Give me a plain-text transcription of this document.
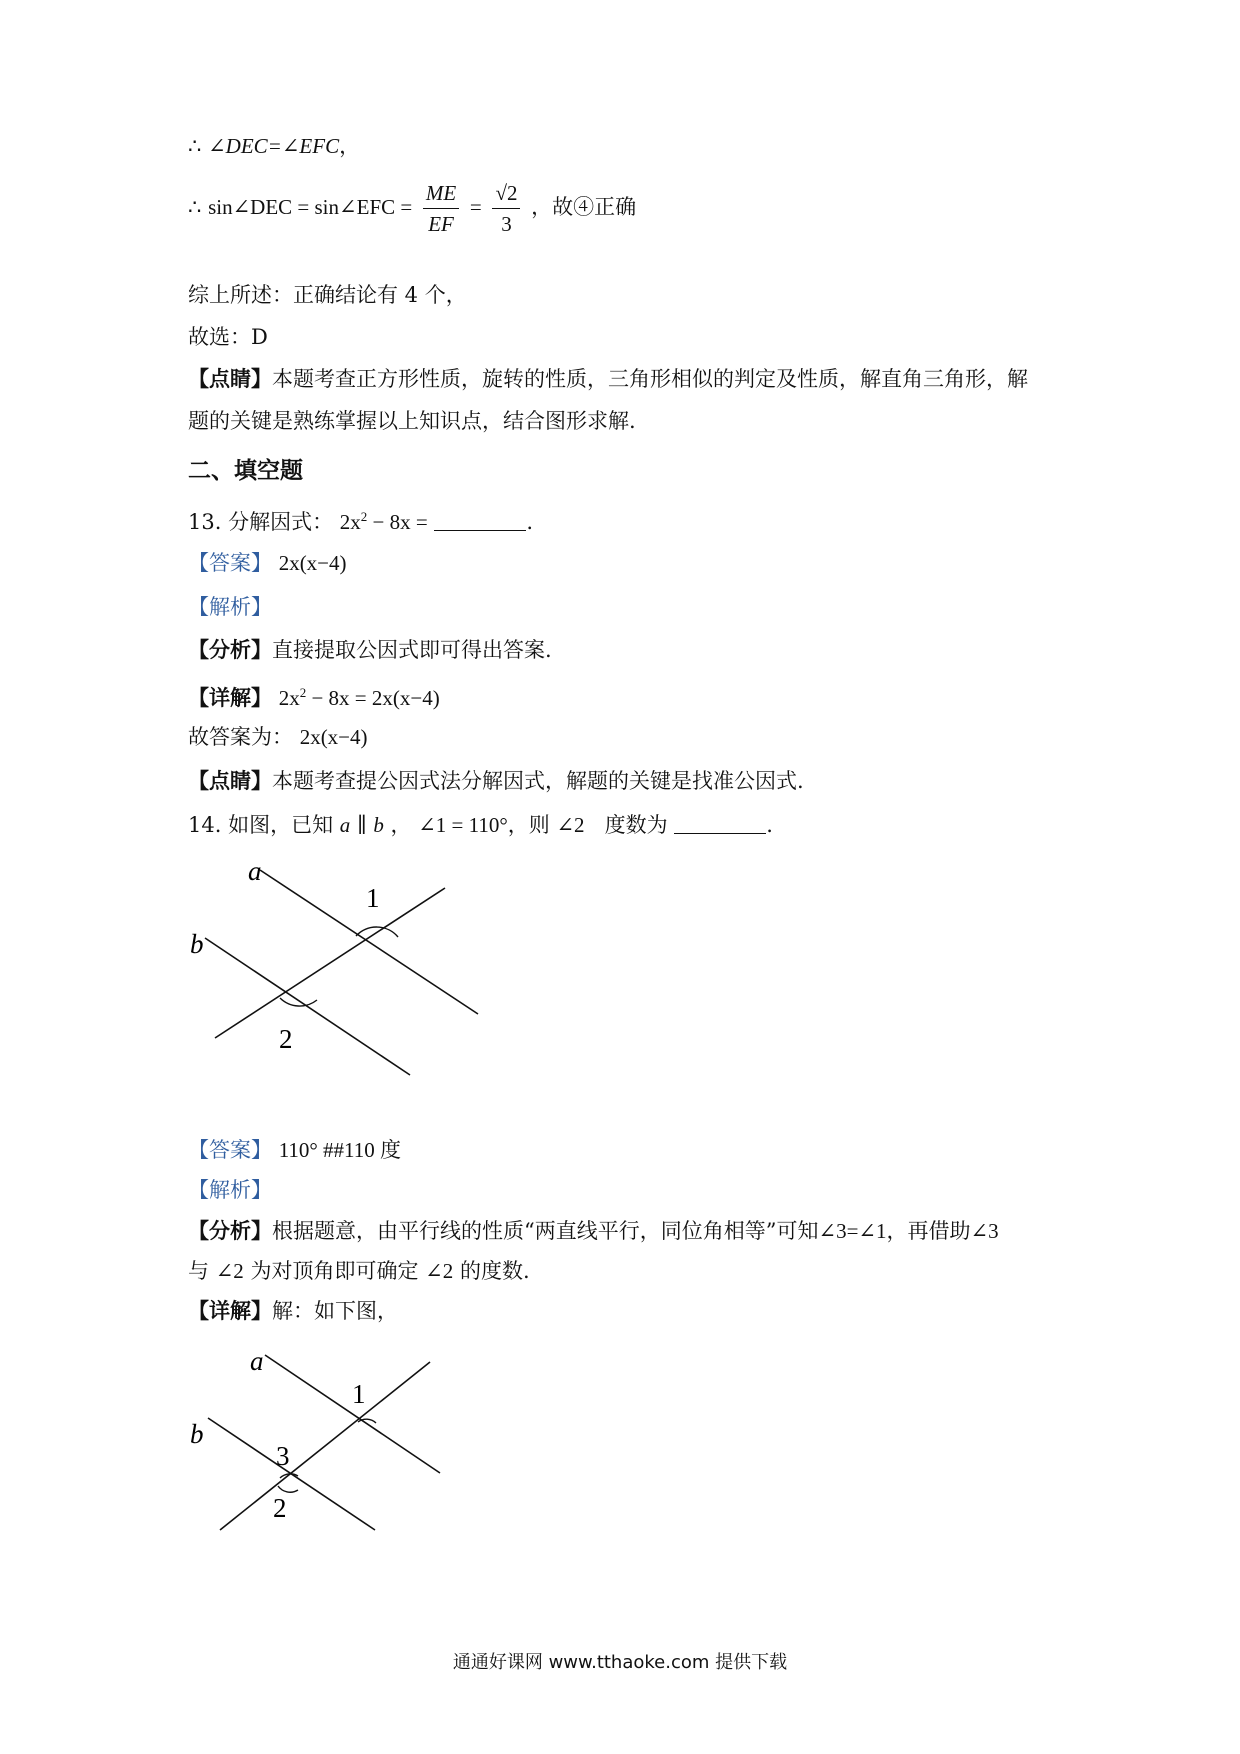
∴ ∠DEC=∠EFC，
∴ sin∠DEC = sin∠EFC = $\frac{ME}{EF} = \frac{√2}{3}$ ，故④正确
综上所述：正确结论有 4 个，
故选：D
【点睛】本题考查正方形性质，旋转的性质，三角形相似的判定及性质，解直角三角形，解
题的关键是熟练掌握以上知识点，结合图形求解.
二、填空题
13. 分解因式： $2x^2 - 8x$ =	.
【答案】 2x(x−4)
【解析】
【分析】直接提取公因式即可得出答案.
【详解】 $2x^2 - 8x = 2x(x-4)$
故答案为： 2x(x−4)
【点睛】本题考查提公因式法分解因式，解题的关键是找准公因式.
14. 如图，已知 a ∥ b ， ∠1 = 110°，则 ∠2 度数为	.
a
b
1
2
【答案】 110° ##110 度
【解析】
【分析】根据题意，由平行线的性质“两直线平行，同位角相等”可知∠3=∠1，再借助∠3
与 ∠2 为对顶角即可确定 ∠2 的度数.
【详解】解：如下图，
a
b
1
3
2
通通好课网 www.tthaoke.com 提供下载
